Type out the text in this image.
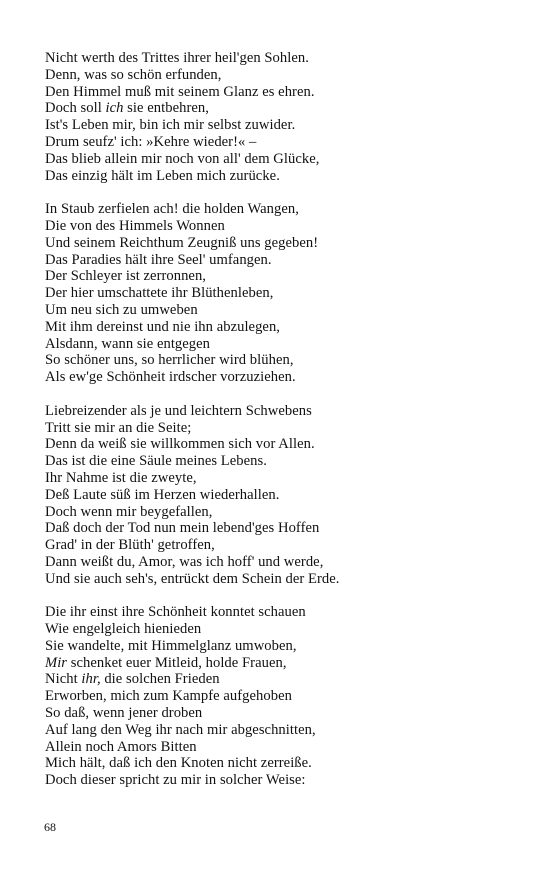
Nicht werth des Trittes ihrer heil'gen Sohlen.
Denn, was so schön erfunden,
Den Himmel muß mit seinem Glanz es ehren.
Doch soll ich sie entbehren,
Ist's Leben mir, bin ich mir selbst zuwider.
Drum seufz' ich: »Kehre wieder!« –
Das blieb allein mir noch von all' dem Glücke,
Das einzig hält im Leben mich zurücke.
In Staub zerfielen ach! die holden Wangen,
Die von des Himmels Wonnen
Und seinem Reichthum Zeugniß uns gegeben!
Das Paradies hält ihre Seel' umfangen.
Der Schleyer ist zerronnen,
Der hier umschattete ihr Blüthenleben,
Um neu sich zu umweben
Mit ihm dereinst und nie ihn abzulegen,
Alsdann, wann sie entgegen
So schöner uns, so herrlicher wird blühen,
Als ew'ge Schönheit irdscher vorzuziehen.
Liebreizender als je und leichtern Schwebens
Tritt sie mir an die Seite;
Denn da weiß sie willkommen sich vor Allen.
Das ist die eine Säule meines Lebens.
Ihr Nahme ist die zweyte,
Deß Laute süß im Herzen wiederhallen.
Doch wenn mir beygefallen,
Daß doch der Tod nun mein lebend'ges Hoffen
Grad' in der Blüth' getroffen,
Dann weißt du, Amor, was ich hoff' und werde,
Und sie auch seh's, entrückt dem Schein der Erde.
Die ihr einst ihre Schönheit konntet schauen
Wie engelgleich hienieden
Sie wandelte, mit Himmelglanz umwoben,
Mir schenket euer Mitleid, holde Frauen,
Nicht ihr, die solchen Frieden
Erworben, mich zum Kampfe aufgehoben
So daß, wenn jener droben
Auf lang den Weg ihr nach mir abgeschnitten,
Allein noch Amors Bitten
Mich hält, daß ich den Knoten nicht zerreiße.
Doch dieser spricht zu mir in solcher Weise:
68
